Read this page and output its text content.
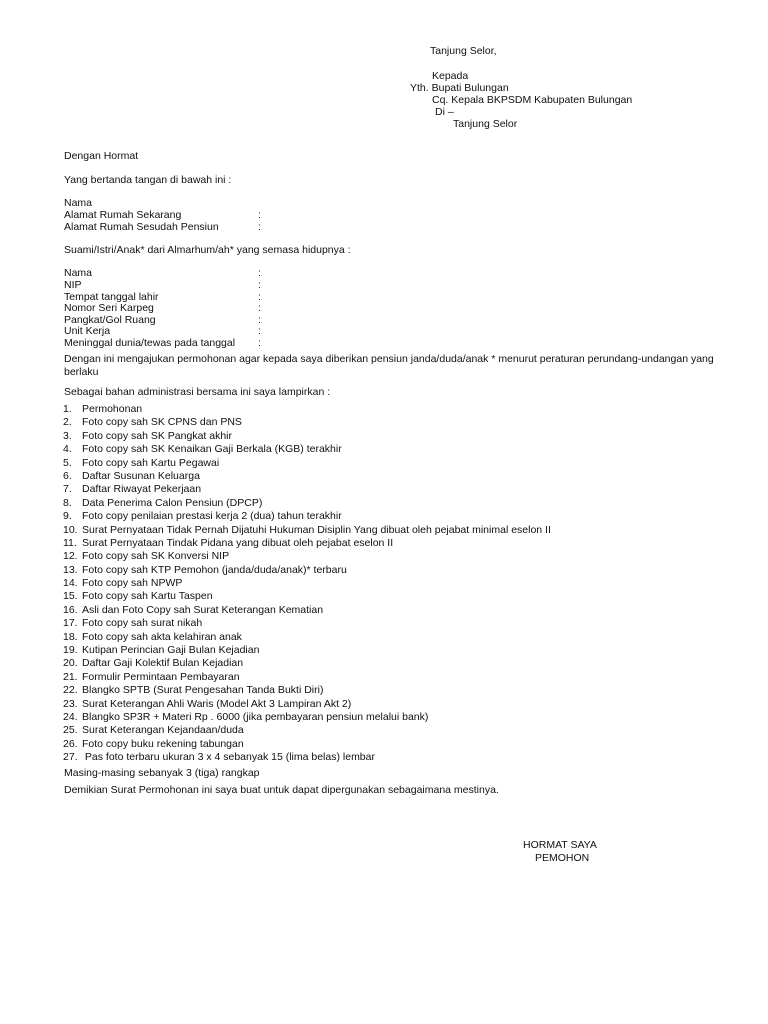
Tanjung Selor,
Kepada
Yth. Bupati Bulungan
Cq. Kepala BKPSDM Kabupaten Bulungan
Di –
Tanjung Selor
Dengan Hormat
Yang bertanda tangan di bawah ini :
Nama
Alamat Rumah Sekarang	:
Alamat Rumah Sesudah Pensiun	:
Suami/Istri/Anak* dari Almarhum/ah* yang semasa hidupnya :
Nama	:
NIP	:
Tempat tanggal lahir	:
Nomor Seri Karpeg	:
Pangkat/Gol Ruang	:
Unit Kerja	:
Meninggal dunia/tewas pada tanggal :
Dengan ini mengajukan permohonan agar kepada saya diberikan pensiun janda/duda/anak * menurut peraturan perundang-undangan yang berlaku
Sebagai bahan administrasi bersama ini saya lampirkan :
1. Permohonan
2. Foto copy sah SK CPNS dan PNS
3. Foto copy sah SK Pangkat akhir
4. Foto copy sah SK Kenaikan Gaji Berkala (KGB) terakhir
5. Foto copy sah Kartu Pegawai
6. Daftar Susunan Keluarga
7. Daftar Riwayat Pekerjaan
8. Data Penerima Calon Pensiun (DPCP)
9. Foto copy penilaian prestasi kerja 2 (dua) tahun terakhir
10. Surat Pernyataan Tidak Pernah Dijatuhi Hukuman Disiplin Yang dibuat oleh pejabat minimal eselon II
11. Surat Pernyataan Tindak Pidana yang dibuat oleh pejabat eselon II
12. Foto copy sah SK Konversi NIP
13. Foto copy sah KTP Pemohon (janda/duda/anak)* terbaru
14. Foto copy sah NPWP
15. Foto copy sah Kartu Taspen
16. Asli dan Foto Copy sah Surat Keterangan Kematian
17. Foto copy sah surat nikah
18. Foto copy sah akta kelahiran anak
19. Kutipan Perincian Gaji Bulan Kejadian
20. Daftar Gaji Kolektif Bulan Kejadian
21. Formulir Permintaan Pembayaran
22. Blangko SPTB (Surat Pengesahan Tanda Bukti Diri)
23. Surat Keterangan Ahli Waris (Model Akt 3 Lampiran Akt 2)
24. Blangko SP3R + Materi Rp . 6000 (jika pembayaran pensiun melalui bank)
25. Surat Keterangan Kejandaan/duda
26. Foto copy buku rekening tabungan
27. Pas foto terbaru ukuran 3 x 4 sebanyak 15 (lima belas) lembar
Masing-masing sebanyak 3 (tiga) rangkap
Demikian Surat Permohonan ini saya buat untuk dapat dipergunakan sebagaimana mestinya.
HORMAT SAYA
PEMOHON
